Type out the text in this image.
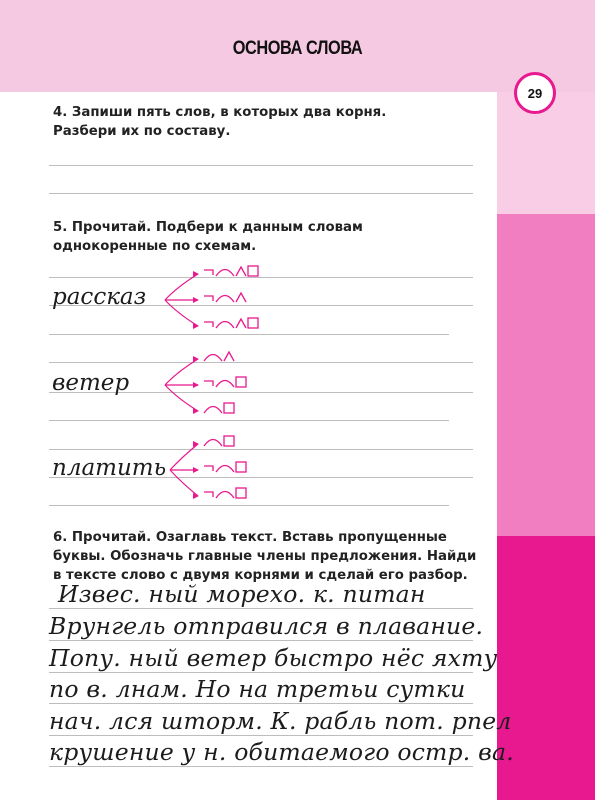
ОСНОВА СЛОВА
29

4. Запиши пять слов, в которых два корня.

Разбери их по составу.

5. Прочитай. Подбери к данным словам

однокоренные по схемам.

рассказ
ветер
платить

6. Прочитай. Озаглавь текст. Вставь пропущенные

буквы. Обозначь главные члены предложения. Найди

в тексте слово с двумя корнями и сделай его разбор.

Извес. ный морехо. к. питан
Врунгель отправился в плавание.
Попу. ный ветер быстро нёс яхту
по в. лнам. Но на третьи сутки
нач. лся шторм. К. рабль пот. рпел
крушение у н. обитаемого остр. ва.
